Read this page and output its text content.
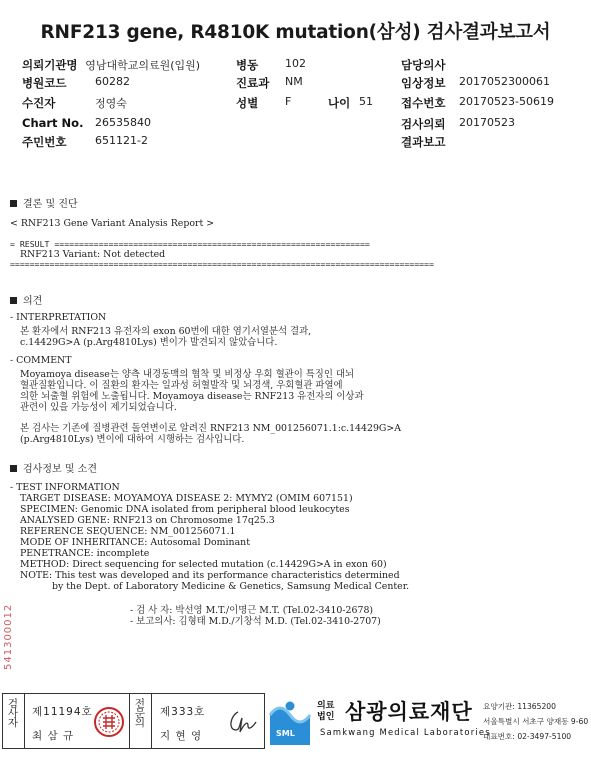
RNF213 gene, R4810K mutation(삼성) 검사결과보고서
의뢰기관명 영남대학교의료원(입원)
병원코드	60282
수진자	정영숙
Chart No. 26535840
주민번호	651121-2
병동 102
진료과 NM
성별 F	나이 51
담당의사
임상정보 2017052300061
접수번호 20170523-50619
검사의뢰 20170523
결과보고
결론 및 진단
< RNF213 Gene Variant Analysis Report >
= RESULT ================================================================
RNF213 Variant: Not detected
======================================================================================
의견
- INTERPRETATION
본 환자에서 RNF213 유전자의 exon 60번에 대한 염기서열분석 결과,
c.14429G>A (p.Arg4810Lys) 변이가 발견되지 않았습니다.
- COMMENT
Moyamoya disease는 양측 내경동맥의 협착 및 비정상 우회 혈관이 특징인 대뇌
혈관질환입니다. 이 질환의 환자는 일과성 허혈발작 및 뇌경색, 우회혈관 파열에
의한 뇌출혈 위험에 노출됩니다. Moyamoya disease는 RNF213 유전자의 이상과
관련이 있을 가능성이 제기되었습니다.
본 검사는 기존에 질병관련 돌연변이로 알려진 RNF213 NM_001256071.1:c.14429G>A
(p.Arg4810Lys) 변이에 대하여 시행하는 검사입니다.
검사정보 및 소견
- TEST INFORMATION
TARGET DISEASE: MOYAMOYA DISEASE 2: MYMY2 (OMIM 607151)
SPECIMEN: Genomic DNA isolated from peripheral blood leukocytes
ANALYSED GENE: RNF213 on Chromosome 17q25.3
REFERENCE SEQUENCE: NM_001256071.1
MODE OF INHERITANCE: Autosomal Dominant
PENETRANCE: incomplete
METHOD: Direct sequencing for selected mutation (c.14429G>A in exon 60)
NOTE: This test was developed and its performance characteristics determined
by the Dept. of Laboratory Medicine & Genetics, Samsung Medical Center.
- 검 사 자: 박선영 M.T./이명근 M.T. (Tel.02-3410-2678)
- 보고의사: 김형태 M.D./기창석 M.D. (Tel.02-3410-2707)
541300012
검사자 제11194호
최 삼 규
전문의 제333호
지 현 영	SML
의료법인 삼광의료재단
Samkwang Medical Laboratories
요양기관: 11365200
서울특별시 서초구 양재동 9-60
대표번호: 02-3497-5100
